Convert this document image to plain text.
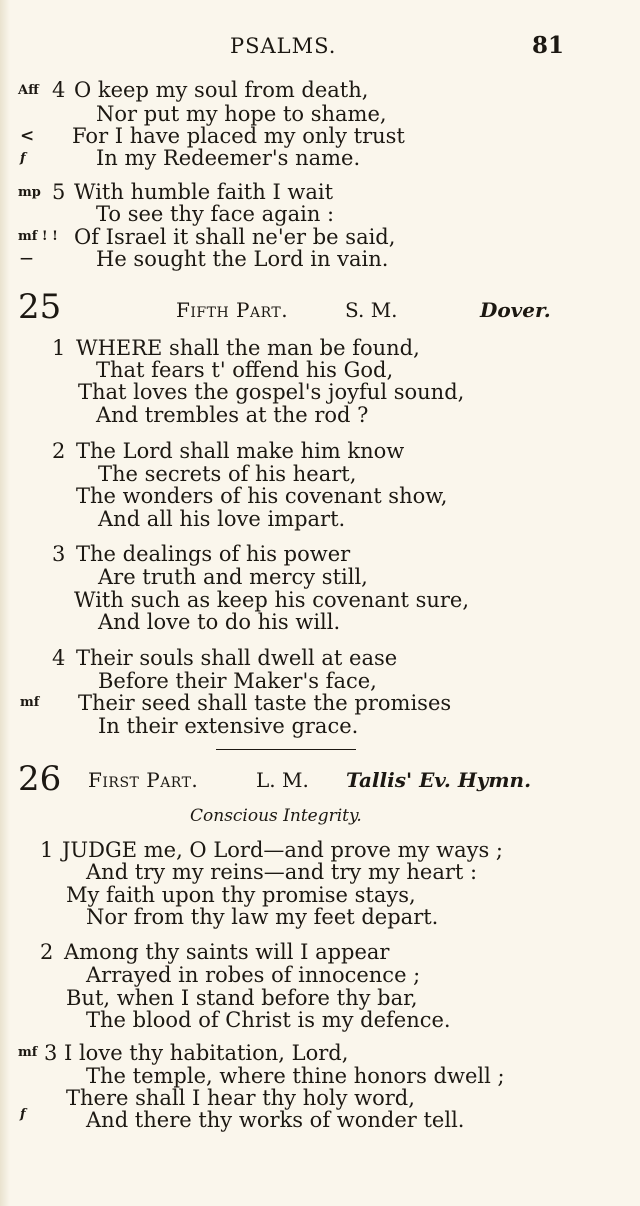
PSALMS.	81
Aff 4 O keep my soul from death,
Nor put my hope to shame,
< For I have placed my only trust
f	In my Redeemer's name.
mp 5 With humble faith I wait
To see thy face again :
mf ! ! Of Israel it shall ne'er be said,
—	He sought the Lord in vain.
25	Fifth Part.	S. M.	Dover.
1 WHERE shall the man be found,
That fears t' offend his God,
That loves the gospel's joyful sound,
And trembles at the rod ?
2 The Lord shall make him know
The secrets of his heart,
The wonders of his covenant show,
And all his love impart.
3 The dealings of his power
Are truth and mercy still,
With such as keep his covenant sure,
And love to do his will.
4 Their souls shall dwell at ease
Before their Maker's face,
mf Their seed shall taste the promises
In their extensive grace.
26 First Part.	L. M. Tallis' Ev. Hymn.
Conscious Integrity.
1 JUDGE me, O Lord—and prove my ways ;
And try my reins—and try my heart :
My faith upon thy promise stays,
Nor from thy law my feet depart.
2 Among thy saints will I appear
Arrayed in robes of innocence ;
But, when I stand before thy bar,
The blood of Christ is my defence.
mf 3 I love thy habitation, Lord,
The temple, where thine honors dwell ;
There shall I hear thy holy word,
f	And there thy works of wonder tell.
